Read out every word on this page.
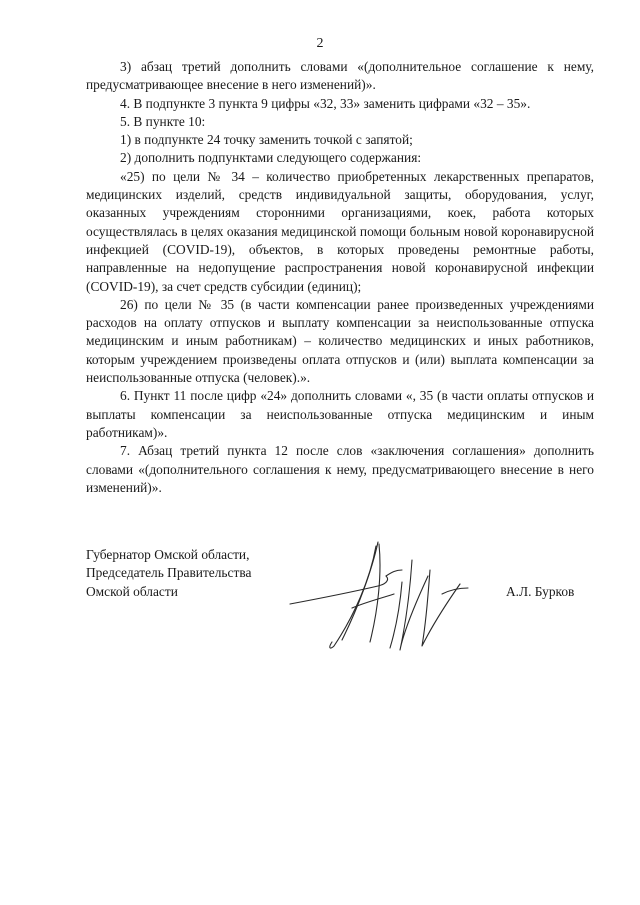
2

3) абзац третий дополнить словами «(дополнительное соглашение к нему, предусматривающее внесение в него изменений)».

4. В подпункте 3 пункта 9 цифры «32, 33» заменить цифрами «32 – 35».

5. В пункте 10:

1) в подпункте 24 точку заменить точкой с запятой;

2) дополнить подпунктами следующего содержания:

«25) по цели № 34 – количество приобретенных лекарственных препаратов, медицинских изделий, средств индивидуальной защиты, оборудования, услуг, оказанных учреждениям сторонними организациями, коек, работа которых осуществлялась в целях оказания медицинской помощи больным новой коронавирусной инфекцией (COVID-19), объектов, в которых проведены ремонтные работы, направленные на недопущение распространения новой коронавирусной инфекции (COVID-19), за счет средств субсидии (единиц);

26) по цели № 35 (в части компенсации ранее произведенных учреждениями расходов на оплату отпусков и выплату компенсации за неиспользованные отпуска медицинским и иным работникам) – количество медицинских и иных работников, которым учреждением произведены оплата отпусков и (или) выплата компенсации за неиспользованные отпуска (человек).».

6. Пункт 11 после цифр «24» дополнить словами «, 35 (в части оплаты отпусков и выплаты компенсации за неиспользованные отпуска медицинским и иным работникам)».

7. Абзац третий пункта 12 после слов «заключения соглашения» дополнить словами «(дополнительного соглашения к нему, предусматривающего внесение в него изменений)».

Губернатор Омской области,
Председатель Правительства
Омской области	А.Л. Бурков
